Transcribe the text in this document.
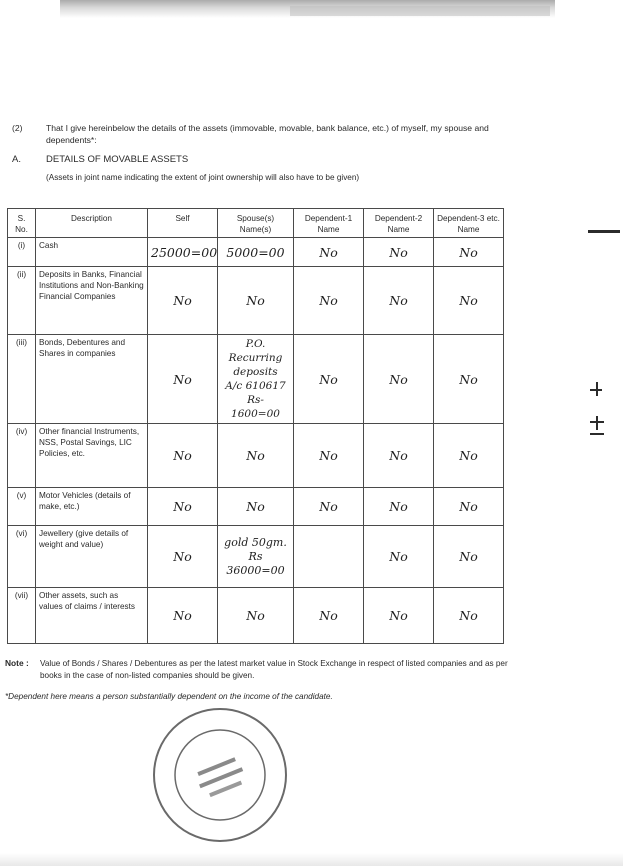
(2)	That I give hereinbelow the details of the assets (immovable, movable, bank balance, etc.) of myself, my spouse and dependents*:
A.	DETAILS OF MOVABLE ASSETS
(Assets in joint name indicating the extent of joint ownership will also have to be given)
S. No.	Description	Self	Spouse(s) Name(s)	Dependent-1 Name	Dependent-2 Name	Dependent-3 etc. Name
(i)	Cash	25000=00	5000=00	No	No	No
(ii)	Deposits in Banks, Financial Institutions and Non-Banking Financial Companies	No	No	No	No	No
(iii)	Bonds, Debentures and Shares in companies	No	P.O. Recurring
deposits
A/c 610617
Rs- 1600=00	No	No	No
(iv)	Other financial Instruments, NSS, Postal Savings, LIC Policies, etc.	No	No	No	No	No
(v)	Motor Vehicles (details of make, etc.)	No	No	No	No	No
(vi)	Jewellery (give details of weight and value)	No	gold 50gm.
Rs 36000=00		No	No
(vii)	Other assets, such as values of claims / interests	No	No	No	No	No
Note : Value of Bonds / Shares / Debentures as per the latest market value in Stock Exchange in respect of listed companies and as per books in the case of non-listed companies should be given.
*Dependent here means a person substantially dependent on the income of the candidate.
